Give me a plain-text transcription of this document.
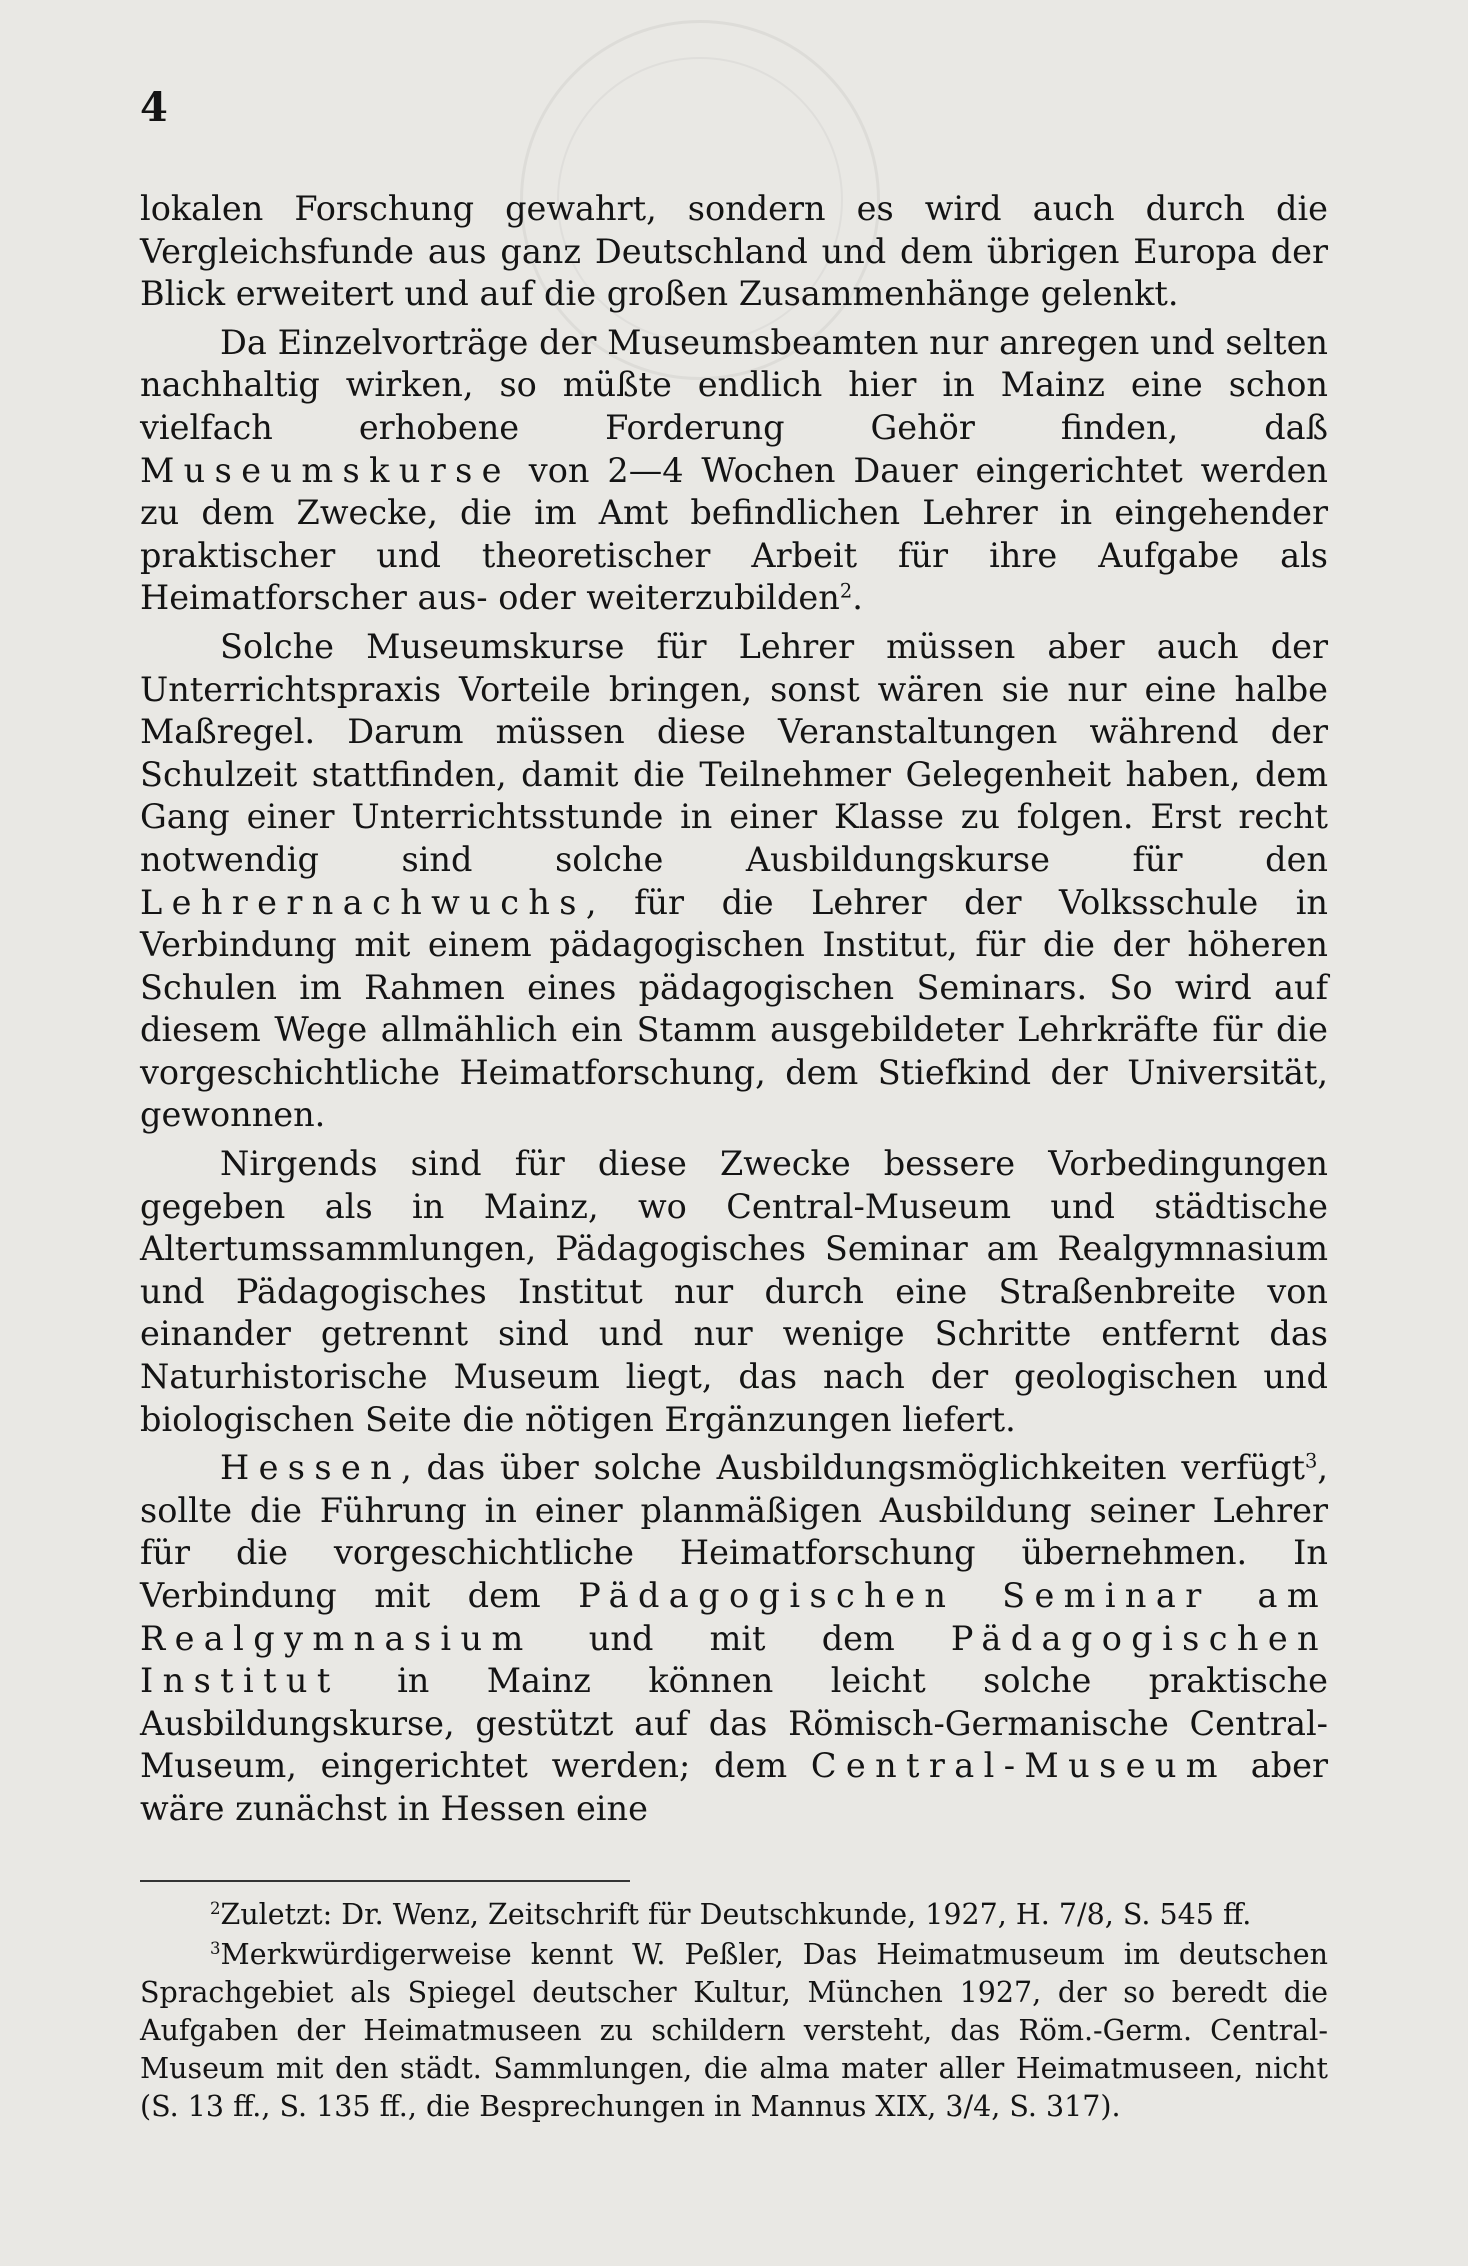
4

lokalen Forschung gewahrt, sondern es wird auch durch die Vergleichsfunde aus ganz Deutschland und dem übrigen Europa der Blick erweitert und auf die großen Zusammenhänge gelenkt.

Da Einzelvorträge der Museumsbeamten nur anregen und selten nachhaltig wirken, so müßte endlich hier in Mainz eine schon vielfach erhobene Forderung Gehör finden, daß Museumskurse von 2—4 Wochen Dauer eingerichtet werden zu dem Zwecke, die im Amt befindlichen Lehrer in eingehender praktischer und theoretischer Arbeit für ihre Aufgabe als Heimatforscher aus- oder weiterzubilden$^2$.

Solche Museumskurse für Lehrer müssen aber auch der Unterrichtspraxis Vorteile bringen, sonst wären sie nur eine halbe Maßregel. Darum müssen diese Veranstaltungen während der Schulzeit stattfinden, damit die Teilnehmer Gelegenheit haben, dem Gang einer Unterrichtsstunde in einer Klasse zu folgen. Erst recht notwendig sind solche Ausbildungskurse für den Lehrernachwuchs, für die Lehrer der Volksschule in Verbindung mit einem pädagogischen Institut, für die der höheren Schulen im Rahmen eines pädagogischen Seminars. So wird auf diesem Wege allmählich ein Stamm ausgebildeter Lehrkräfte für die vorgeschichtliche Heimatforschung, dem Stiefkind der Universität, gewonnen.

Nirgends sind für diese Zwecke bessere Vorbedingungen gegeben als in Mainz, wo Central-Museum und städtische Altertumssammlungen, Pädagogisches Seminar am Realgymnasium und Pädagogisches Institut nur durch eine Straßenbreite von einander getrennt sind und nur wenige Schritte entfernt das Naturhistorische Museum liegt, das nach der geologischen und biologischen Seite die nötigen Ergänzungen liefert.

Hessen, das über solche Ausbildungsmöglichkeiten verfügt$^3$, sollte die Führung in einer planmäßigen Ausbildung seiner Lehrer für die vorgeschichtliche Heimatforschung übernehmen. In Verbindung mit dem Pädagogischen Seminar am Realgymnasium und mit dem Pädagogischen Institut in Mainz können leicht solche praktische Ausbildungskurse, gestützt auf das Römisch-Germanische Central-Museum, eingerichtet werden; dem Central-Museum aber wäre zunächst in Hessen eine

$^2$Zuletzt: Dr. Wenz, Zeitschrift für Deutschkunde, 1927, H. 7/8, S. 545 ff.

$^3$Merkwürdigerweise kennt W. Peßler, Das Heimatmuseum im deutschen Sprachgebiet als Spiegel deutscher Kultur, München 1927, der so beredt die Aufgaben der Heimatmuseen zu schildern versteht, das Röm.-Germ. Central-Museum mit den städt. Sammlungen, die alma mater aller Heimatmuseen, nicht (S. 13 ff., S. 135 ff., die Besprechungen in Mannus XIX, 3/4, S. 317).
